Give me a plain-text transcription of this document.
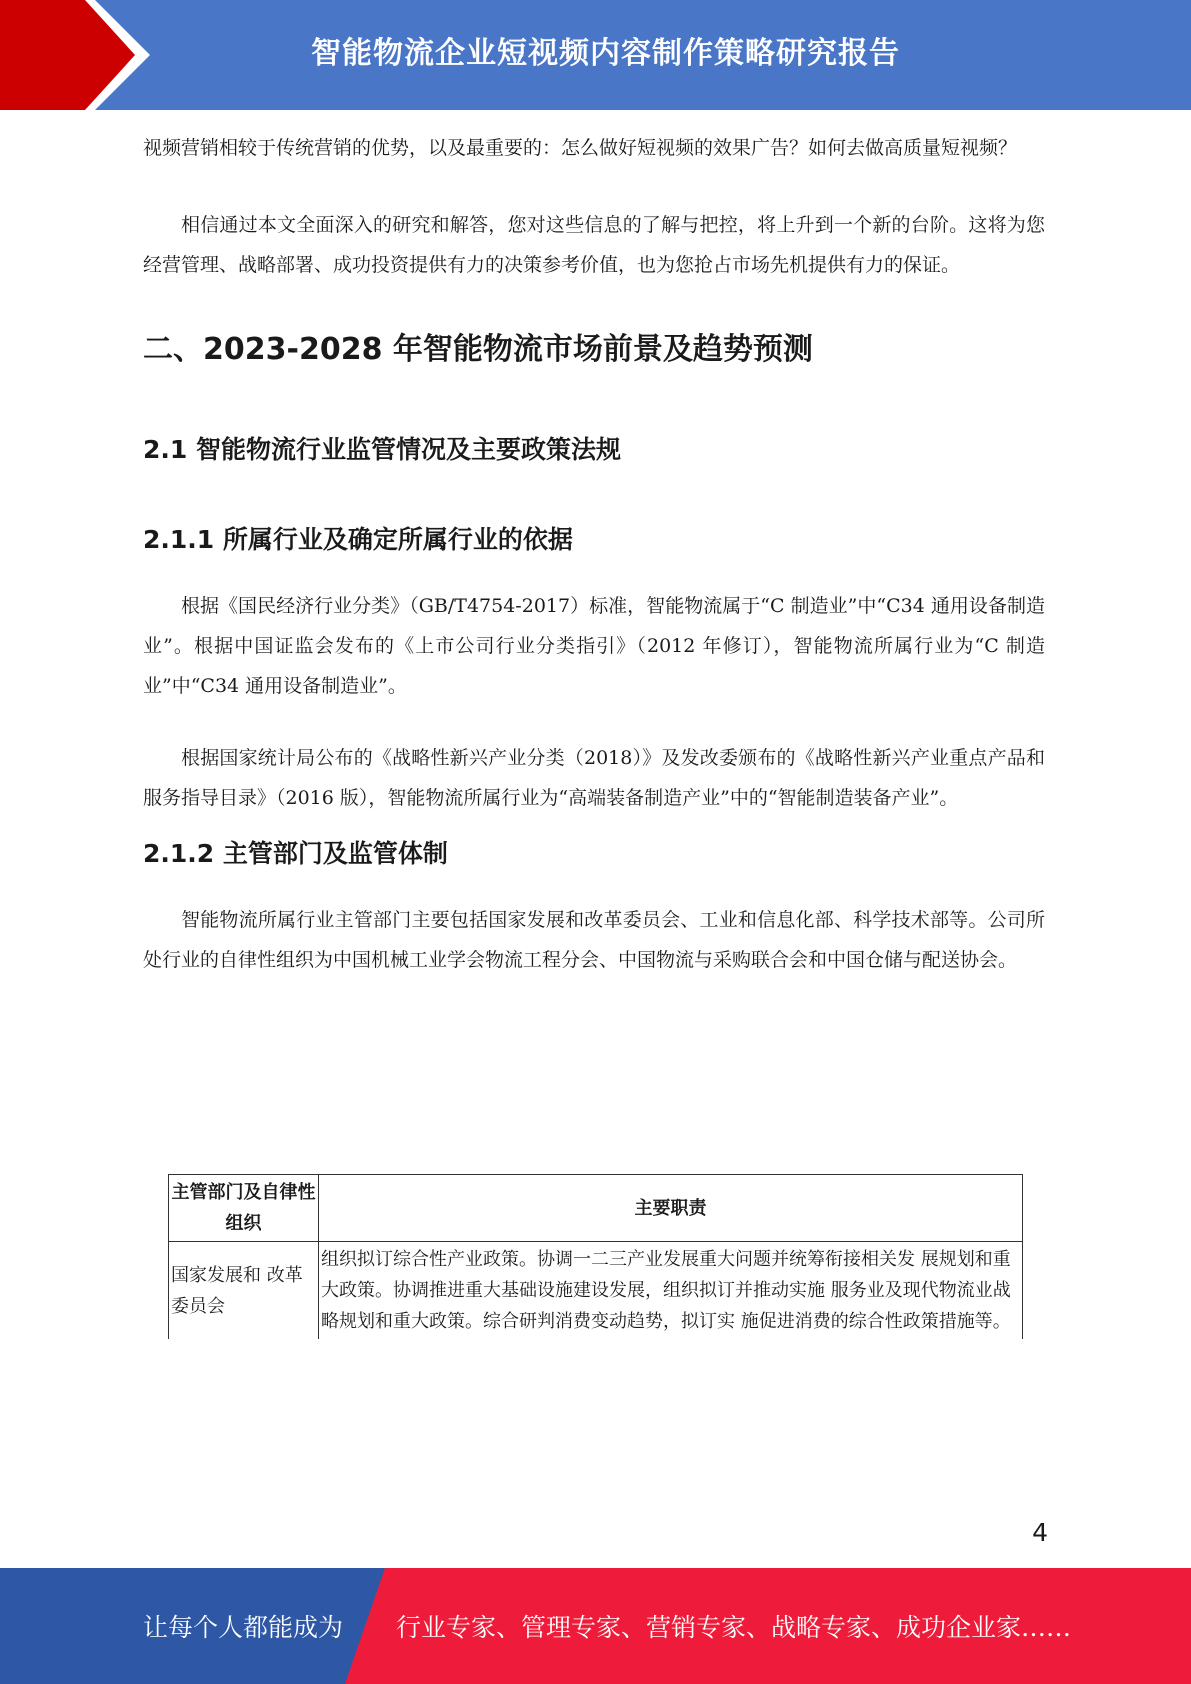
智能物流企业短视频内容制作策略研究报告

视频营销相较于传统营销的优势，以及最重要的：怎么做好短视频的效果广告？如何去做高质量短视频？

相信通过本文全面深入的研究和解答，您对这些信息的了解与把控，将上升到一个新的台阶。这将为您经营管理、战略部署、成功投资提供有力的决策参考价值，也为您抢占市场先机提供有力的保证。

二、2023-2028 年智能物流市场前景及趋势预测
2.1 智能物流行业监管情况及主要政策法规
2.1.1 所属行业及确定所属行业的依据

根据《国民经济行业分类》（GB/T4754-2017）标准，智能物流属于“C 制造业”中“C34 通用设备制造业”。根据中国证监会发布的《上市公司行业分类指引》（2012 年修订），智能物流所属行业为“C 制造业”中“C34 通用设备制造业”。

根据国家统计局公布的《战略性新兴产业分类（2018）》及发改委颁布的《战略性新兴产业重点产品和服务指导目录》（2016 版），智能物流所属行业为“高端装备制造产业”中的“智能制造装备产业”。

2.1.2 主管部门及监管体制

智能物流所属行业主管部门主要包括国家发展和改革委员会、工业和信息化部、科学技术部等。公司所处行业的自律性组织为中国机械工业学会物流工程分会、中国物流与采购联合会和中国仓储与配送协会。

主管部门及自律性组织	主要职责
国家发展和 改革委员会	组织拟订综合性产业政策。协调一二三产业发展重大问题并统筹衔接相关发 展规划和重大政策。协调推进重大基础设施建设发展，组织拟订并推动实施 服务业及现代物流业战略规划和重大政策。综合研判消费变动趋势，拟订实 施促进消费的综合性政策措施等。
4
让每个人都能成为 行业专家、管理专家、营销专家、战略专家、成功企业家……
